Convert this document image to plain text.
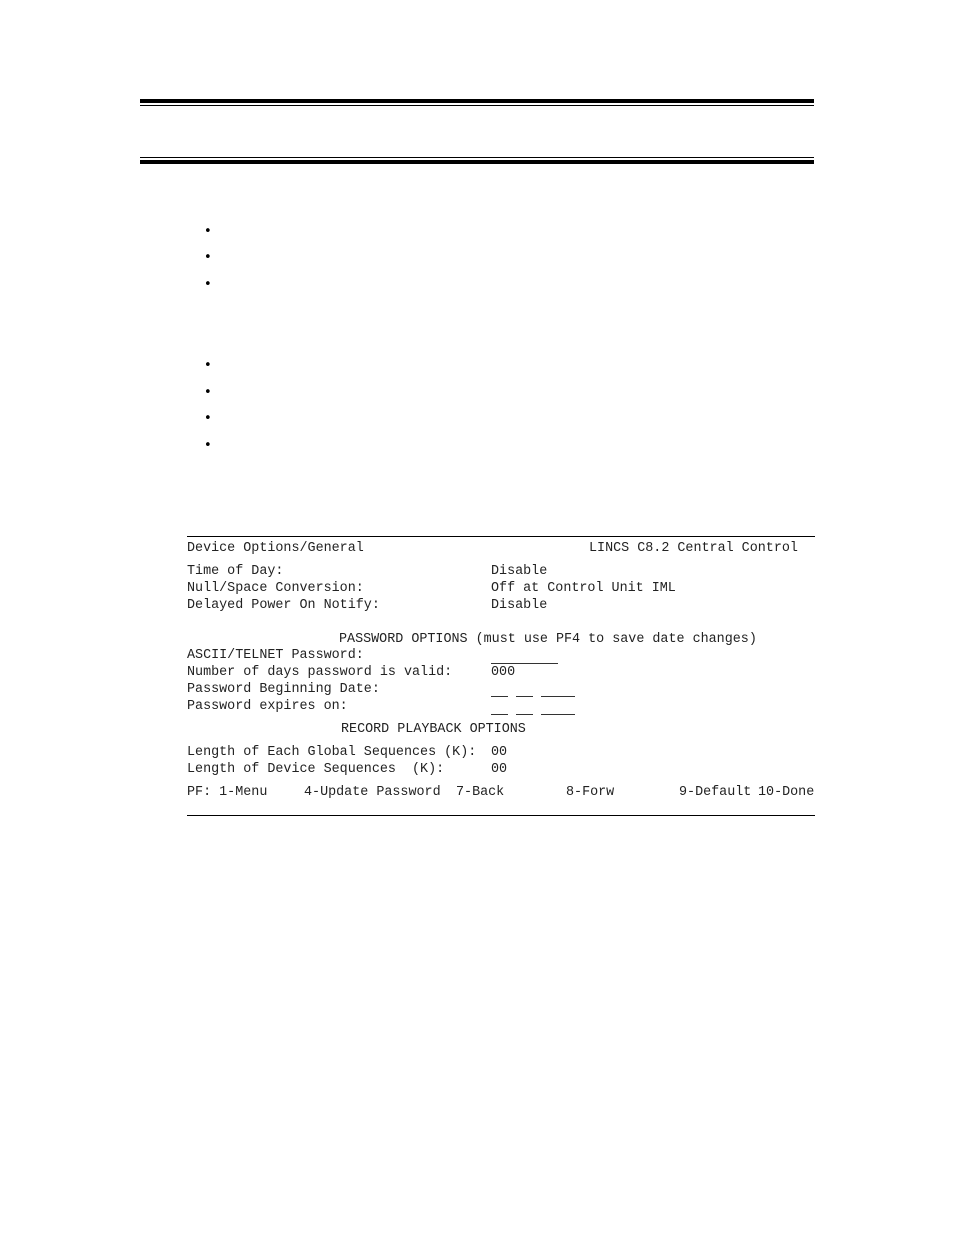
•
•
•
•
•
•
•
Device Options/General	LINCS C8.2 Central Control
Time of Day:	Disable
Null/Space Conversion:	Off at Control Unit IML
Delayed Power On Notify:	Disable
PASSWORD OPTIONS (must use PF4 to save date changes)
ASCII/TELNET Password:
Number of days password is valid:	000
Password Beginning Date:
Password expires on:
RECORD PLAYBACK OPTIONS
Length of Each Global Sequences (K): 00
Length of Device Sequences  (K):	00
PF: 1-Menu	4-Update Password 7-Back	8-Forw	9-Default 10-Done
